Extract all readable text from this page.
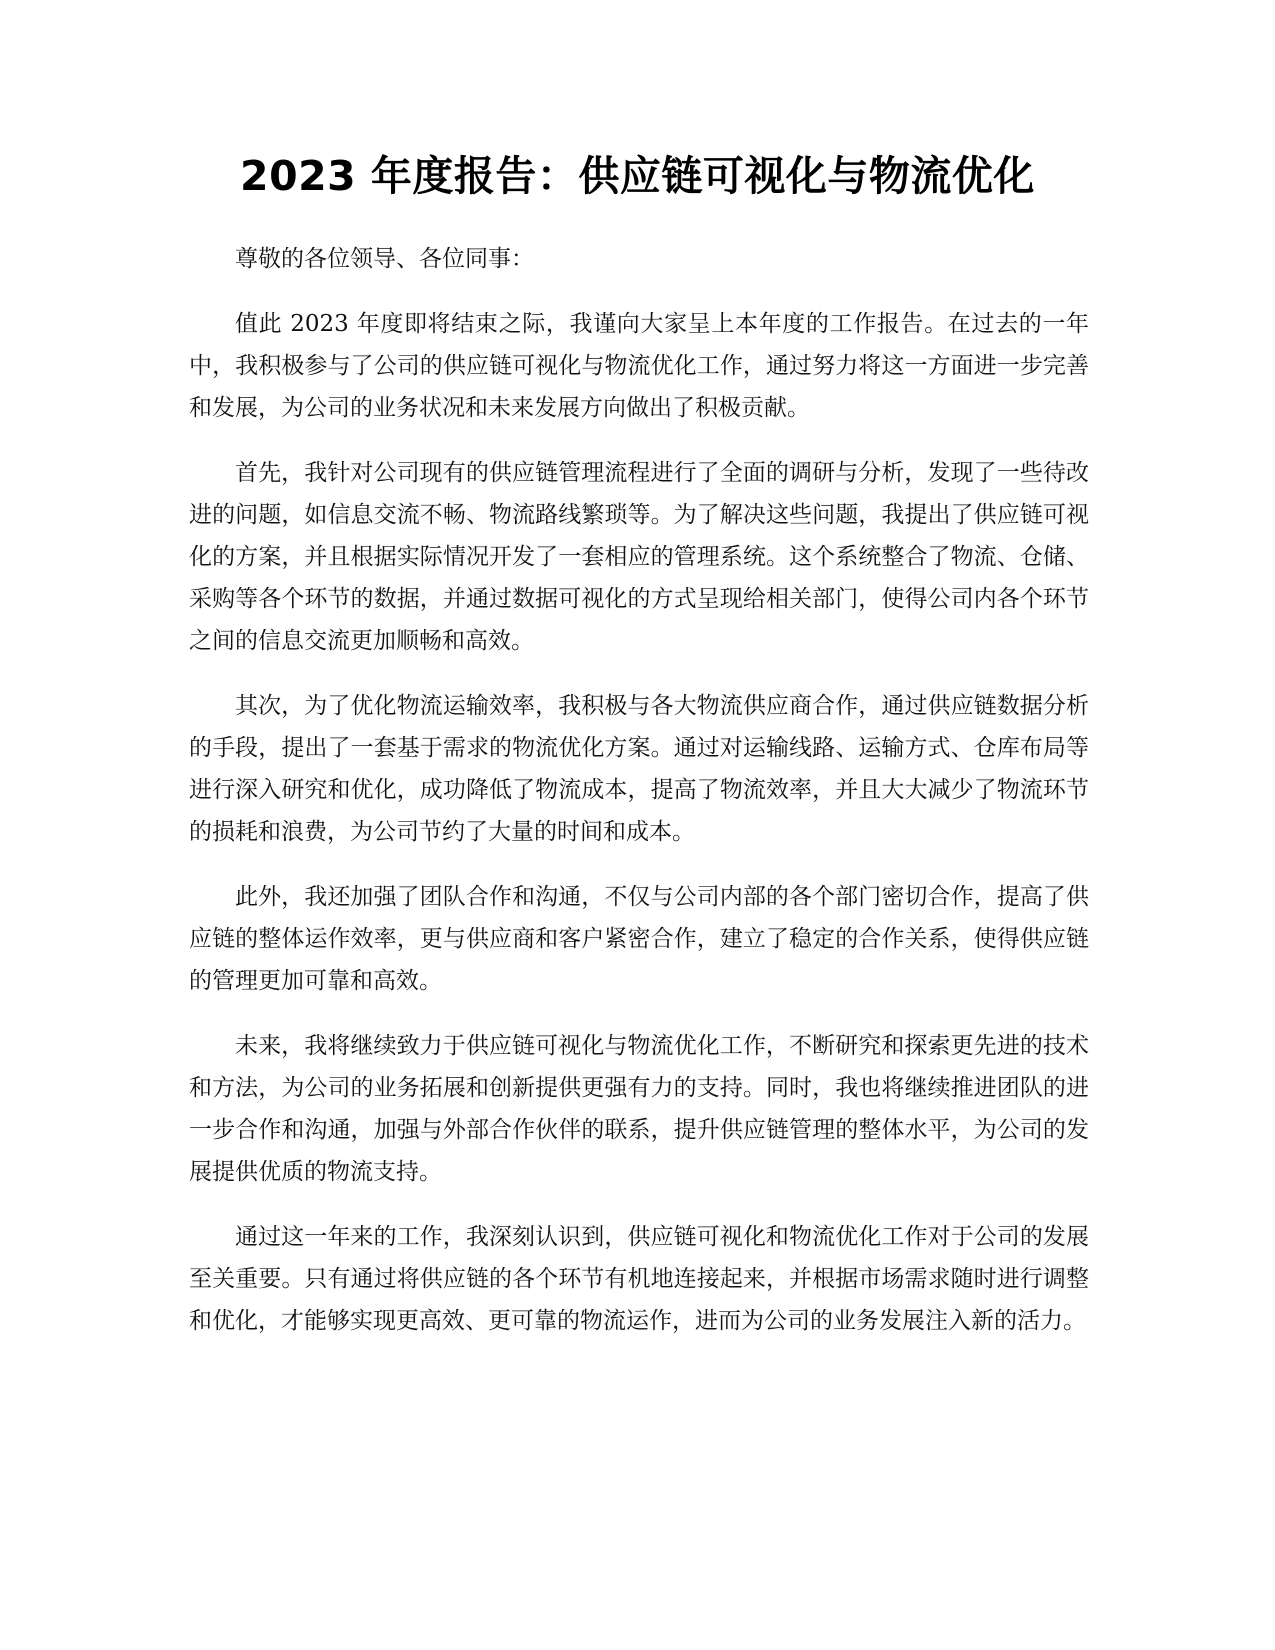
2023 年度报告：供应链可视化与物流优化

尊敬的各位领导、各位同事：

值此 2023 年度即将结束之际，我谨向大家呈上本年度的工作报告。在过去的一年中，我积极参与了公司的供应链可视化与物流优化工作，通过努力将这一方面进一步完善和发展，为公司的业务状况和未来发展方向做出了积极贡献。

首先，我针对公司现有的供应链管理流程进行了全面的调研与分析，发现了一些待改进的问题，如信息交流不畅、物流路线繁琐等。为了解决这些问题，我提出了供应链可视化的方案，并且根据实际情况开发了一套相应的管理系统。这个系统整合了物流、仓储、采购等各个环节的数据，并通过数据可视化的方式呈现给相关部门，使得公司内各个环节之间的信息交流更加顺畅和高效。

其次，为了优化物流运输效率，我积极与各大物流供应商合作，通过供应链数据分析的手段，提出了一套基于需求的物流优化方案。通过对运输线路、运输方式、仓库布局等进行深入研究和优化，成功降低了物流成本，提高了物流效率，并且大大减少了物流环节的损耗和浪费，为公司节约了大量的时间和成本。

此外，我还加强了团队合作和沟通，不仅与公司内部的各个部门密切合作，提高了供应链的整体运作效率，更与供应商和客户紧密合作，建立了稳定的合作关系，使得供应链的管理更加可靠和高效。

未来，我将继续致力于供应链可视化与物流优化工作，不断研究和探索更先进的技术和方法，为公司的业务拓展和创新提供更强有力的支持。同时，我也将继续推进团队的进一步合作和沟通，加强与外部合作伙伴的联系，提升供应链管理的整体水平，为公司的发展提供优质的物流支持。

通过这一年来的工作，我深刻认识到，供应链可视化和物流优化工作对于公司的发展至关重要。只有通过将供应链的各个环节有机地连接起来，并根据市场需求随时进行调整和优化，才能够实现更高效、更可靠的物流运作，进而为公司的业务发展注入新的活力。
